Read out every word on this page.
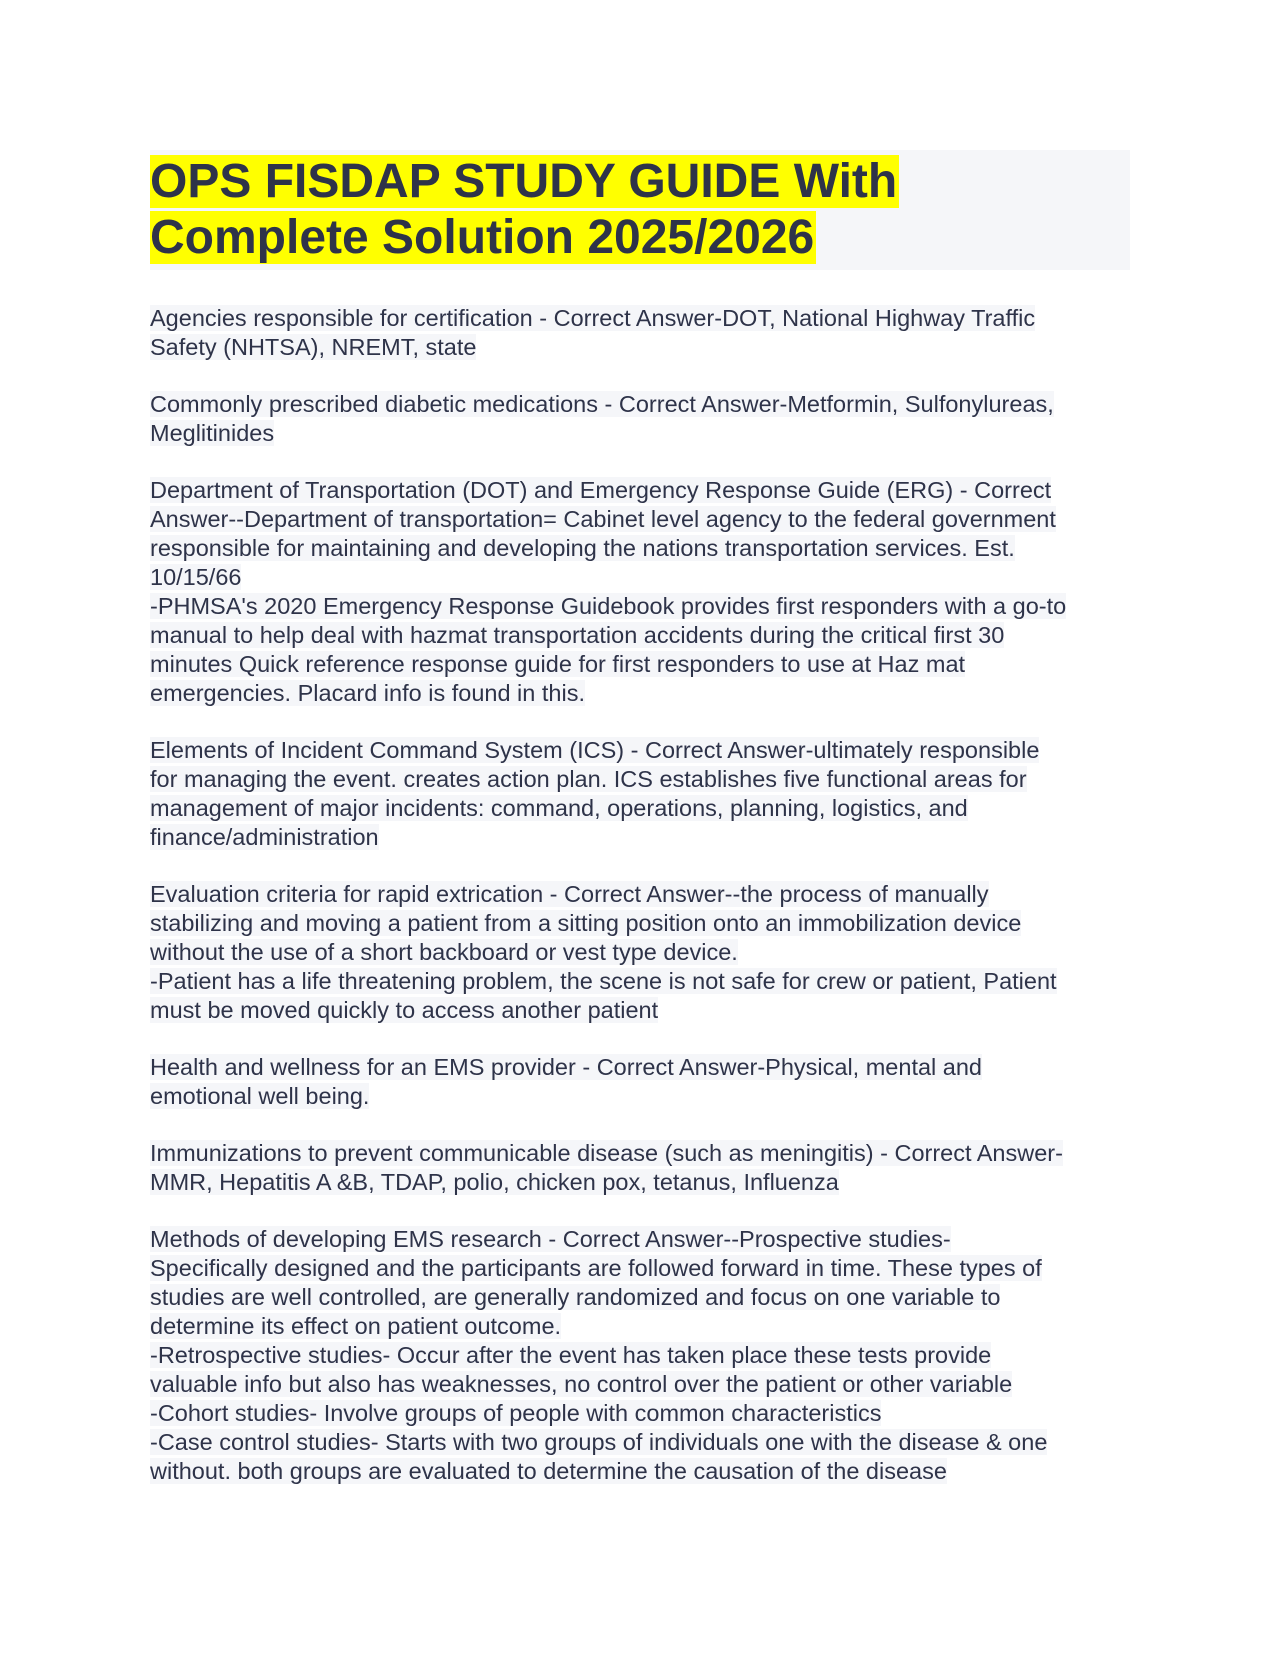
OPS FISDAP STUDY GUIDE With
Complete Solution 2025/2026
Agencies responsible for certification - Correct Answer-DOT, National Highway Traffic
Safety (NHTSA), NREMT, state
Commonly prescribed diabetic medications - Correct Answer-Metformin, Sulfonylureas,
Meglitinides
Department of Transportation (DOT) and Emergency Response Guide (ERG) - Correct
Answer--Department of transportation= Cabinet level agency to the federal government
responsible for maintaining and developing the nations transportation services. Est.
10/15/66
-PHMSA's 2020 Emergency Response Guidebook provides first responders with a go-to
manual to help deal with hazmat transportation accidents during the critical first 30
minutes Quick reference response guide for first responders to use at Haz mat
emergencies. Placard info is found in this.
Elements of Incident Command System (ICS) - Correct Answer-ultimately responsible
for managing the event. creates action plan. ICS establishes five functional areas for
management of major incidents: command, operations, planning, logistics, and
finance/administration
Evaluation criteria for rapid extrication - Correct Answer--the process of manually
stabilizing and moving a patient from a sitting position onto an immobilization device
without the use of a short backboard or vest type device.
-Patient has a life threatening problem, the scene is not safe for crew or patient, Patient
must be moved quickly to access another patient
Health and wellness for an EMS provider - Correct Answer-Physical, mental and
emotional well being.
Immunizations to prevent communicable disease (such as meningitis) - Correct Answer-
MMR, Hepatitis A &B, TDAP, polio, chicken pox, tetanus, Influenza
Methods of developing EMS research - Correct Answer--Prospective studies-
Specifically designed and the participants are followed forward in time. These types of
studies are well controlled, are generally randomized and focus on one variable to
determine its effect on patient outcome.
-Retrospective studies- Occur after the event has taken place these tests provide
valuable info but also has weaknesses, no control over the patient or other variable
-Cohort studies- Involve groups of people with common characteristics
-Case control studies- Starts with two groups of individuals one with the disease & one
without. both groups are evaluated to determine the causation of the disease
